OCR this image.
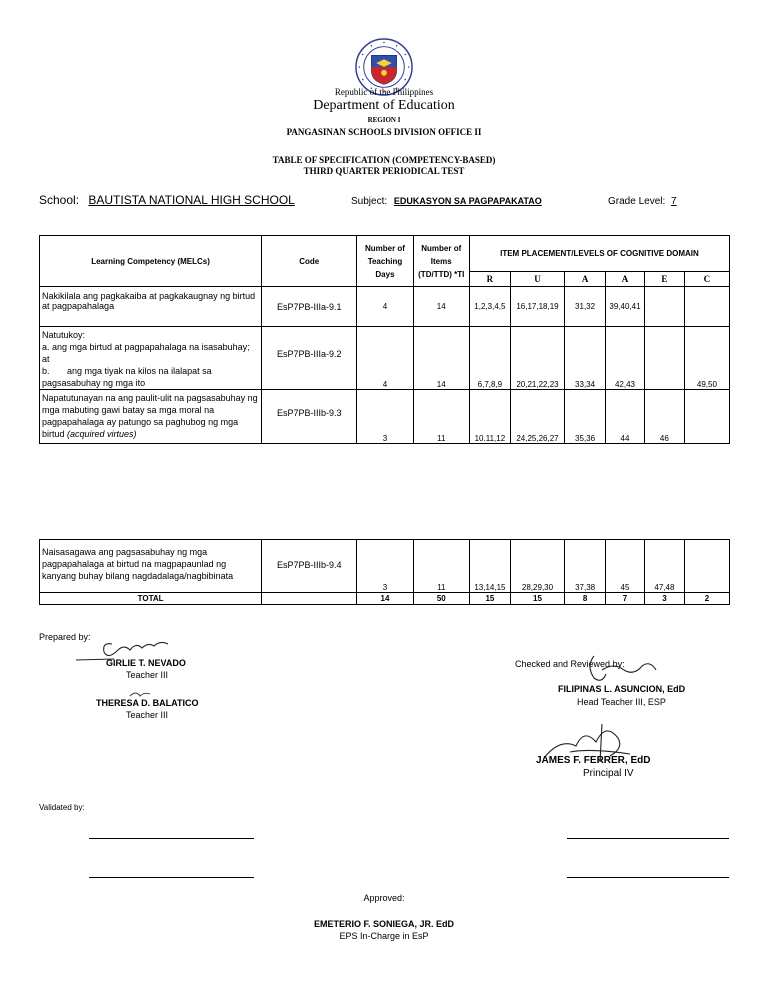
Republic of the Philippines
Department of Education
REGION I
PANGASINAN SCHOOLS DIVISION OFFICE II
TABLE OF SPECIFICATION (COMPETENCY-BASED)
THIRD QUARTER PERIODICAL TEST
School: BAUTISTA NATIONAL HIGH SCHOOL	Subject: EDUKASYON SA PAGPAPAKATAO	Grade Level: 7
Learning Competency (MELCs)	Code	Number of Teaching Days	Number of Items (TD/TTD) *TI	ITEM PLACEMENT/LEVELS OF COGNITIVE DOMAIN					
				R	U	A	A	E	C
Nakikilala ang pagkakaiba at pagkakaugnay ng birtud at pagpapahalaga	EsP7PB-IIIa-9.1	4	14	1,2,3,4,5	16,17,18,19	31,32	39,40,41		

Natutukoy:
a. ang mga birtud at pagpapahalaga na isasabuhay; at
b.       ang mga tiyak na kilos na ilalapat sa pagsasabuhay ng mga ito	EsP7PB-IIIa-9.2	4	14	6,7,8,9	20,21,22,23	33,34	42,43		49,50
Napatutunayan na ang paulit-ulit na pagsasabuhay ng mga mabuting gawi batay sa mga moral na pagpapahalaga ay patungo sa paghubog ng mga birtud (acquired virtues)	EsP7PB-IIIb-9.3	3	11	10.11,12	24,25,26,27	35,36	44	46	
Naisasagawa ang pagsasabuhay ng mga pagpapahalaga at birtud na magpapaunlad ng kanyang buhay bilang nagdadalaga/nagbibinata	EsP7PB-IIIb-9.4	3	11	13,14,15	28,29,30	37,38	45	47,48	
TOTAL		14	50	15	15	8	7	3	2
Prepared by:
GIRLIE T. NEVADO
Teacher III
THERESA D. BALATICO
Teacher III
Checked and Reviewed by:
FILIPINAS L. ASUNCION, EdD
Head Teacher III, ESP
JAMES F. FERRER, EdD
Principal IV
Validated by:
Approved:
EMETERIO F. SONIEGA, JR. EdD
EPS In-Charge in EsP
